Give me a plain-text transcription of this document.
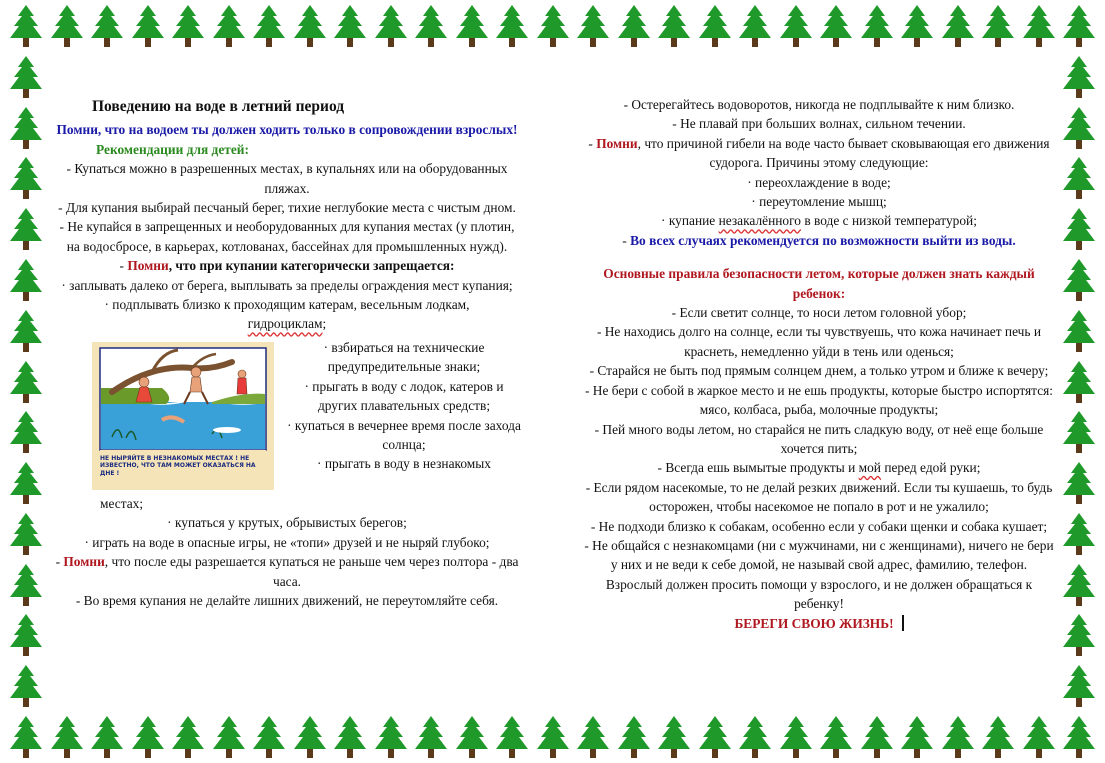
Поведению на воде в летний период

Помни, что на водоем ты должен ходить только в сопровождении взрослых!

Рекомендации для детей:

- Купаться можно в разрешенных местах, в купальнях или на оборудованных пляжах.

- Для купания выбирай песчаный берег, тихие неглубокие места с чистым дном.

- Не купайся в запрещенных и необорудованных для купания местах (у плотин, на водосбросе, в карьерах, котлованах, бассейнах для промышленных нужд).

- Помни, что при купании категорически запрещается:

· заплывать далеко от берега, выплывать за пределы ограждения мест купания;

· подплывать близко к проходящим катерам, весельным лодкам,
гидроциклам;

НЕ НЫРЯЙТЕ В НЕЗНАКОМЫХ МЕСТАХ ! НЕ ИЗВЕСТНО, ЧТО ТАМ МОЖЕТ ОКАЗАТЬСЯ НА ДНЕ !

· взбираться на технические предупредительные знаки;

· прыгать в воду с лодок, катеров и других плавательных средств;

· купаться в вечернее время после захода солнца;

· прыгать в воду в незнакомых

местах;

· купаться у крутых, обрывистых берегов;

· играть на воде в опасные игры, не «топи» друзей и не ныряй глубоко;

- Помни, что после еды разрешается купаться не раньше чем через полтора - два часа.

- Во время купания не делайте лишних движений, не переутомляйте себя.

- Остерегайтесь водоворотов, никогда не подплывайте к ним близко.

- Не плавай при больших волнах, сильном течении.

- Помни, что причиной гибели на воде часто бывает сковывающая его движения судорога. Причины этому следующие:

· переохлаждение в воде;

· переутомление мышц;

· купание незакалённого в воде с низкой температурой;

- Во всех случаях рекомендуется по возможности выйти из воды.

Основные правила безопасности летом, которые должен знать каждый ребенок:

- Если светит солнце, то носи летом головной убор;

- Не находись долго на солнце, если ты чувствуешь, что кожа начинает печь и краснеть, немедленно уйди в тень или оденься;

- Старайся не быть под прямым солнцем днем, а только утром и ближе к вечеру;

- Не бери с собой в жаркое место и не ешь продукты, которые быстро испортятся: мясо, колбаса, рыба, молочные продукты;

- Пей много воды летом, но старайся не пить сладкую воду, от неё еще больше хочется пить;

- Всегда ешь вымытые продукты и мой перед едой руки;

- Если рядом насекомые, то не делай резких движений. Если ты кушаешь, то будь осторожен, чтобы насекомое не попало в рот и не ужалило;

- Не подходи близко к собакам, особенно если у собаки щенки и собака кушает;

- Не общайся с незнакомцами (ни с мужчинами, ни с женщинами), ничего не бери у них и не веди к себе домой, не называй свой адрес, фамилию, телефон. Взрослый должен просить помощи у взрослого, и не должен обращаться к ребенку!

БЕРЕГИ СВОЮ ЖИЗНЬ!
